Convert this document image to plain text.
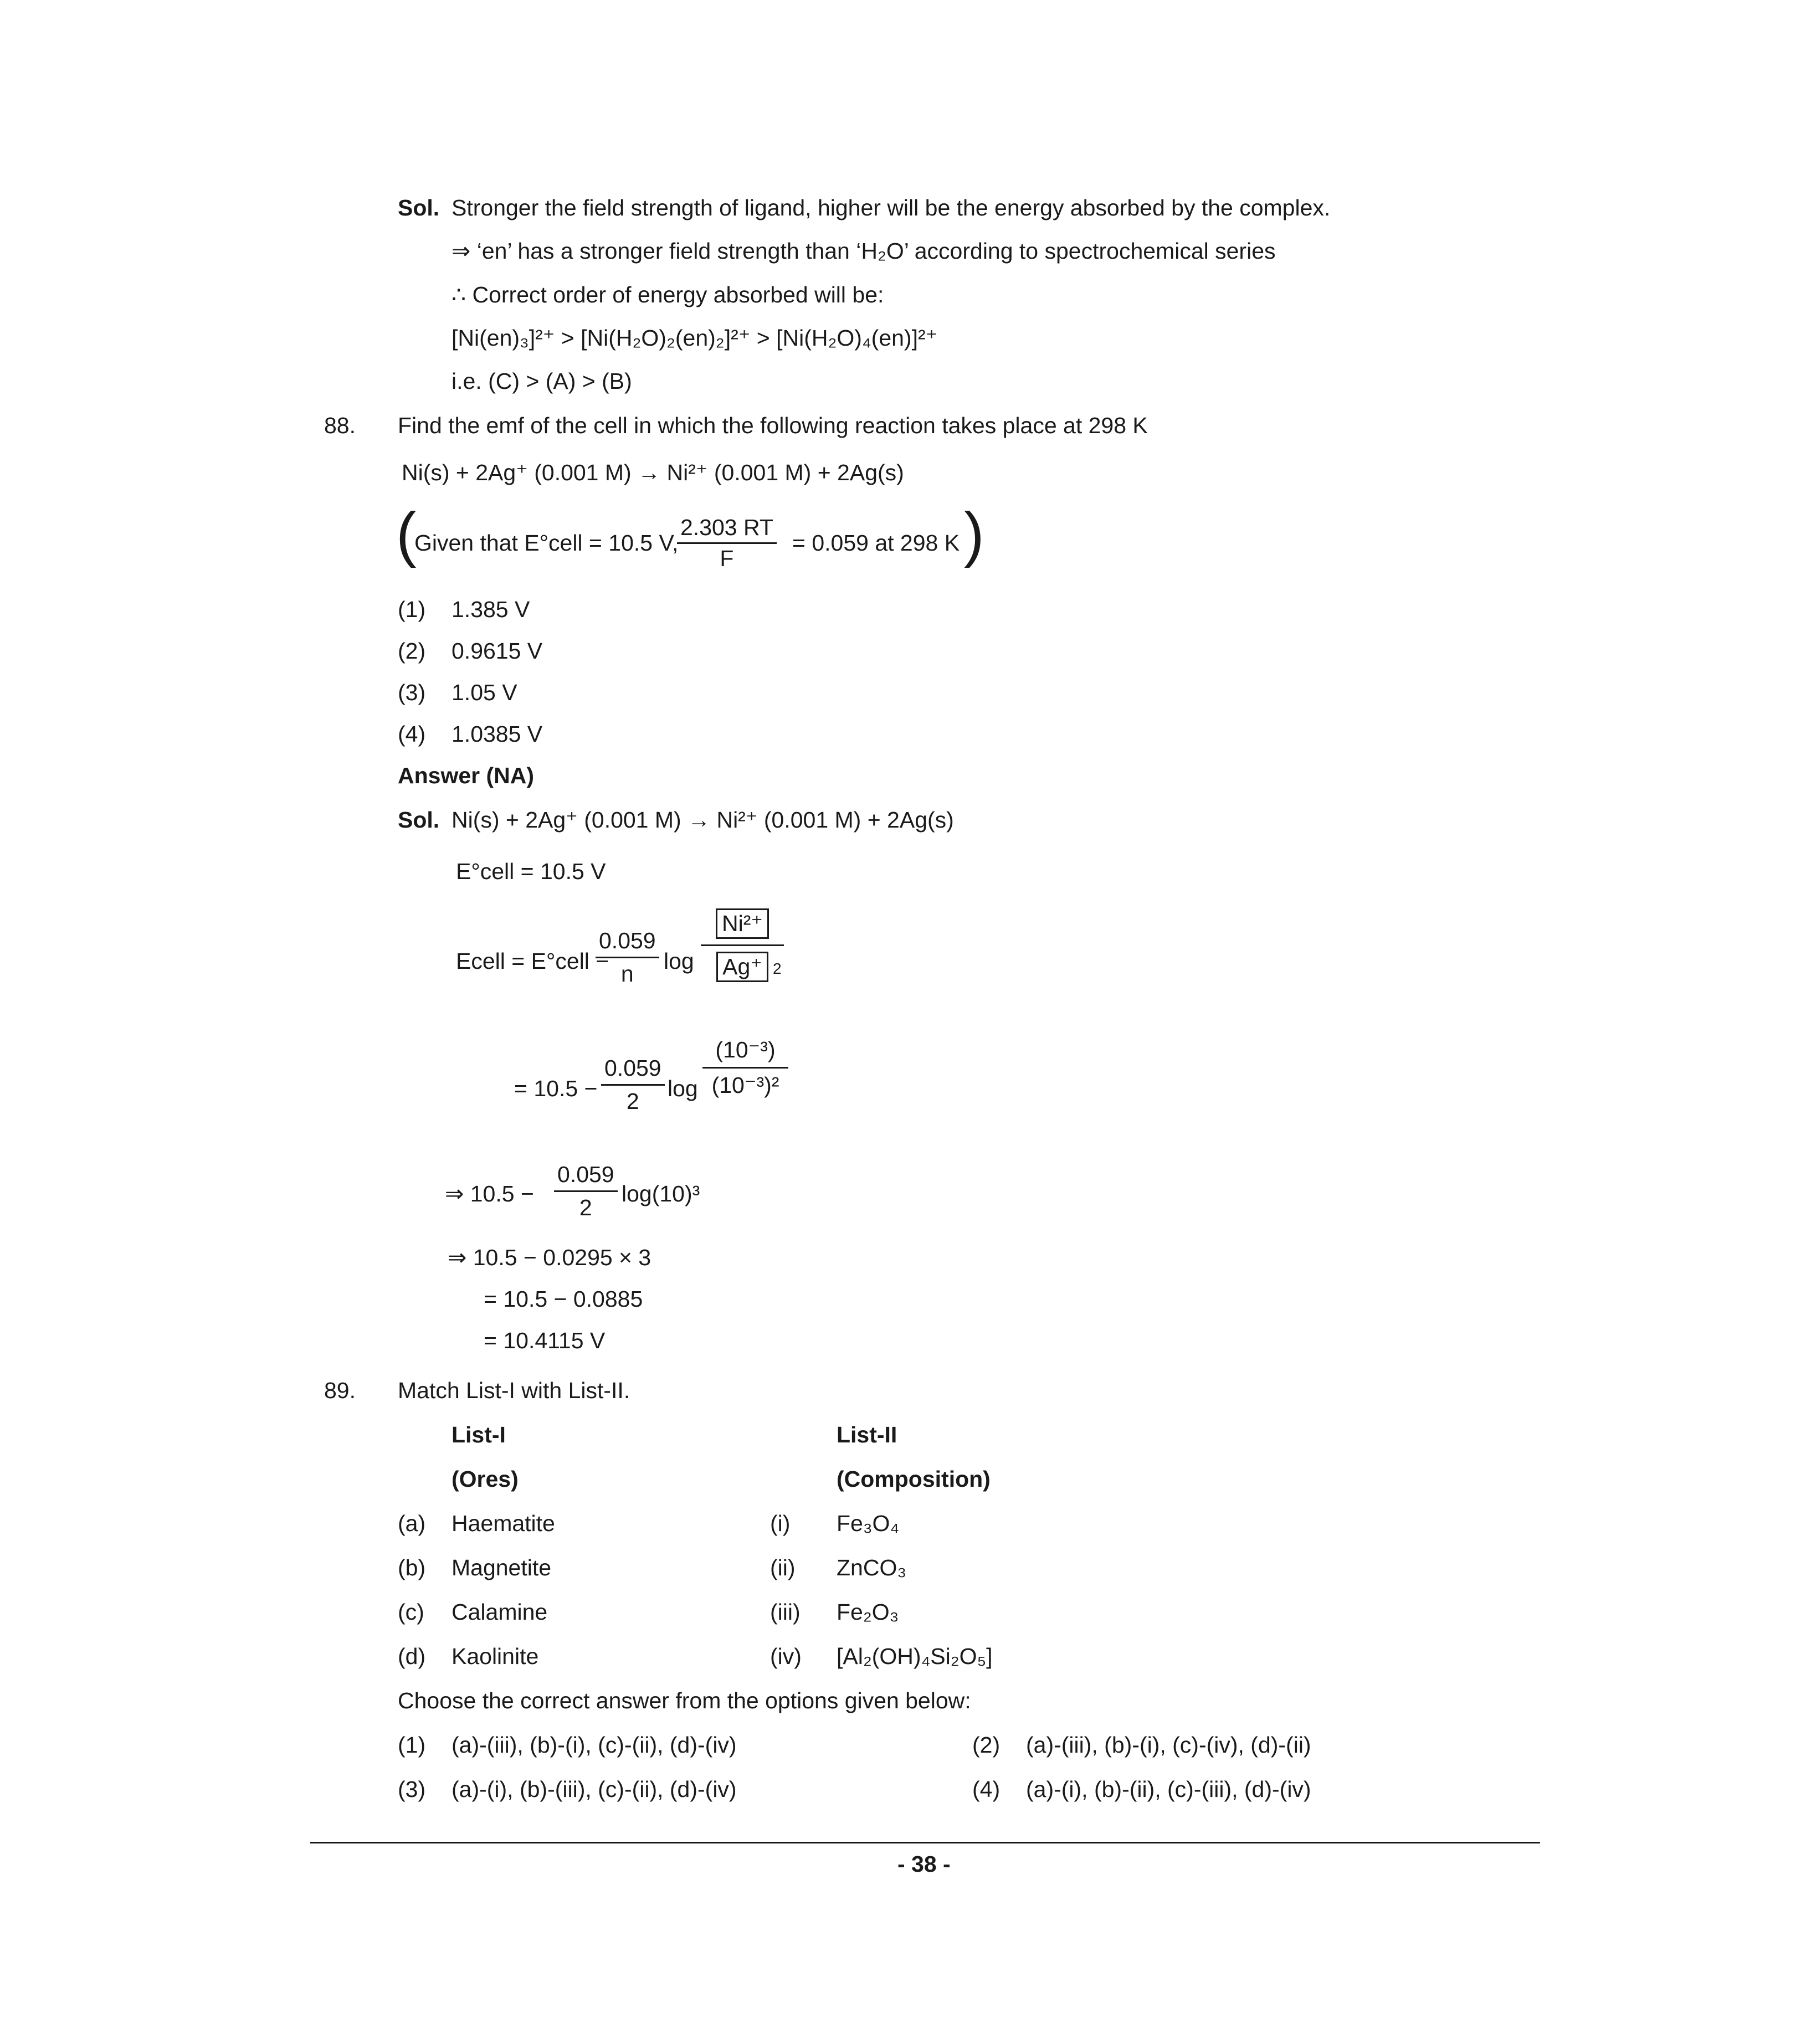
Sol. Stronger the field strength of ligand, higher will be the energy absorbed by the complex.
⇒ ‘en’ has a stronger field strength than ‘H₂O’ according to spectrochemical series
∴ Correct order of energy absorbed will be:
[Ni(en)₃]²⁺ > [Ni(H₂O)₂(en)₂]²⁺ > [Ni(H₂O)₄(en)]²⁺
i.e. (C) > (A) > (B)
88. Find the emf of the cell in which the following reaction takes place at 298 K
Ni(s) + 2Ag⁺ (0.001 M) → Ni²⁺ (0.001 M) + 2Ag(s)
(
Given that E°cell = 10.5 V,
$\frac{2.303 RT}{F} = 0.059$ at 298 K )
(1) 1.385 V
(2) 0.9615 V
(3) 1.05 V
(4) 1.0385 V
Answer (NA)
Sol. Ni(s) + 2Ag⁺ (0.001 M) → Ni²⁺ (0.001 M) + 2Ag(s)
E°cell = 10.5 V
Ecell = E°cell −
$\frac{0.059}{n}$ $\log \frac{\text{Ni²⁺}}{Ag^+}$
2
= $10.5 - \frac{0.059}{2}$ log
(10⁻³)
(10⁻³)²
⇒ $10.5 - \frac{0.059}{2} \log(10)^3$
⇒ 10.5 − 0.0295 × 3
= 10.5 − 0.0885
= 10.4115 V
89. Match List-I with List-II.
List-I	List-II
(Ores)	(Composition)
(a) Haematite	(i) Fe₃O₄
(b) Magnetite	(ii) ZnCO₃
(c) Calamine	(iii) Fe₂O₃
(d) Kaolinite	(iv) [Al₂(OH)₄Si₂O₅]
Choose the correct answer from the options given below:
(1) (a)-(iii), (b)-(i), (c)-(ii), (d)-(iv)	(2) (a)-(iii), (b)-(i), (c)-(iv), (d)-(ii)
(3) (a)-(i), (b)-(iii), (c)-(ii), (d)-(iv)	(4) (a)-(i), (b)-(ii), (c)-(iii), (d)-(iv)
- 38 -
